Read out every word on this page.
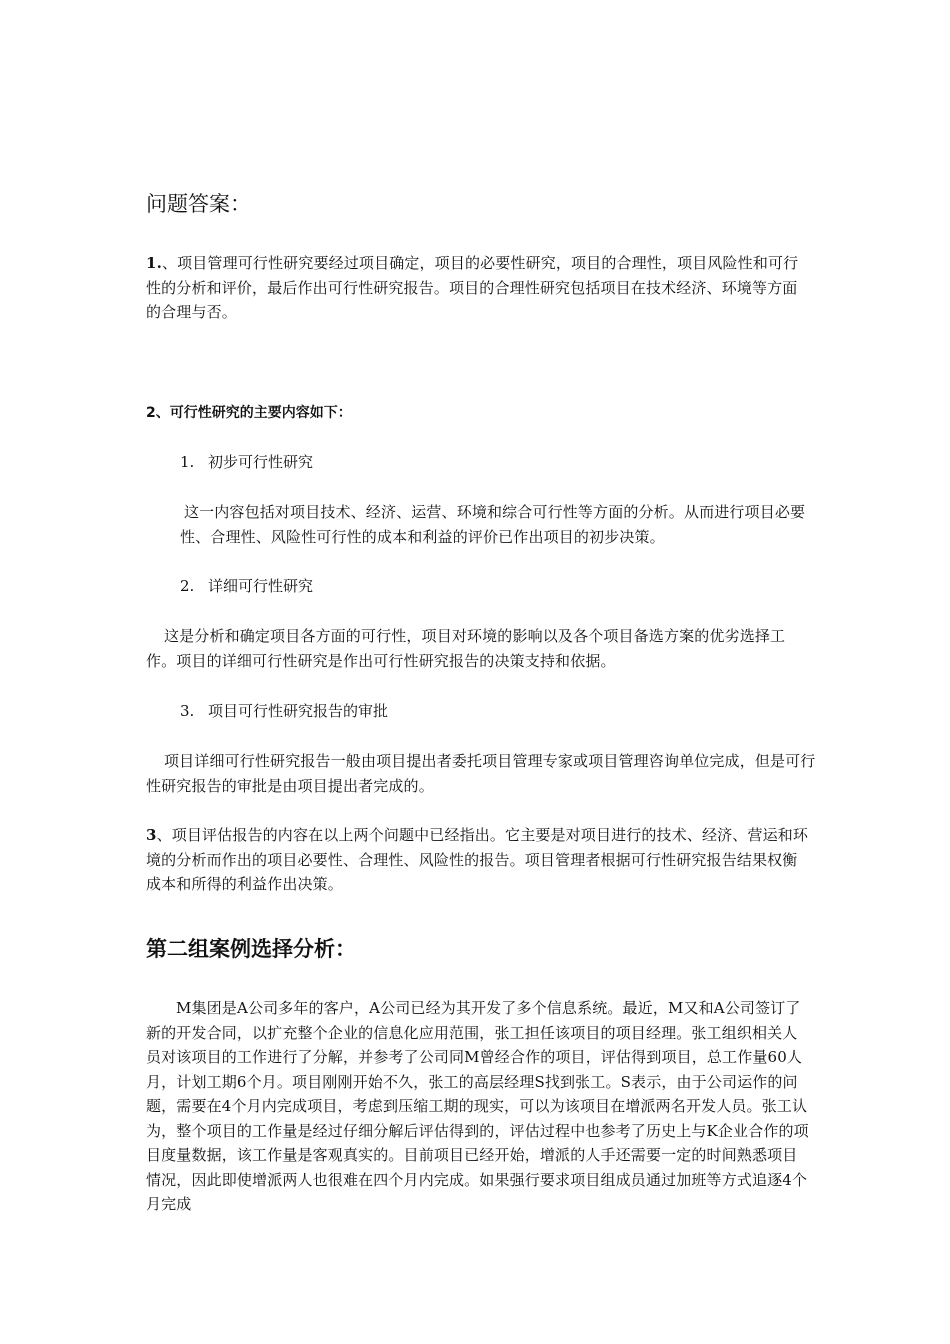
问题答案：
1.、项目管理可行性研究要经过项目确定，项目的必要性研究，项目的合理性，项目风险性和可行性的分析和评价，最后作出可行性研究报告。项目的合理性研究包括项目在技术经济、环境等方面的合理与否。
2、可行性研究的主要内容如下：
1. 初步可行性研究
这一内容包括对项目技术、经济、运营、环境和综合可行性等方面的分析。从而进行项目必要性、合理性、风险性可行性的成本和利益的评价已作出项目的初步决策。
2. 详细可行性研究
这是分析和确定项目各方面的可行性，项目对环境的影响以及各个项目备选方案的优劣选择工作。项目的详细可行性研究是作出可行性研究报告的决策支持和依据。
3. 项目可行性研究报告的审批
项目详细可行性研究报告一般由项目提出者委托项目管理专家或项目管理咨询单位完成，但是可行性研究报告的审批是由项目提出者完成的。
3、项目评估报告的内容在以上两个问题中已经指出。它主要是对项目进行的技术、经济、营运和环境的分析而作出的项目必要性、合理性、风险性的报告。项目管理者根据可行性研究报告结果权衡成本和所得的利益作出决策。
第二组案例选择分析：
M集团是A公司多年的客户，A公司已经为其开发了多个信息系统。最近，M又和A公司签订了新的开发合同，以扩充整个企业的信息化应用范围，张工担任该项目的项目经理。张工组织相关人员对该项目的工作进行了分解，并参考了公司同M曾经合作的项目，评估得到项目，总工作量60人月，计划工期6个月。项目刚刚开始不久，张工的高层经理S找到张工。S表示，由于公司运作的问题，需要在4个月内完成项目，考虑到压缩工期的现实，可以为该项目在增派两名开发人员。张工认为，整个项目的工作量是经过仔细分解后评估得到的，评估过程中也参考了历史上与K企业合作的项目度量数据，该工作量是客观真实的。目前项目已经开始，增派的人手还需要一定的时间熟悉项目情况，因此即使增派两人也很难在四个月内完成。如果强行要求项目组成员通过加班等方式追逐4个月完成
